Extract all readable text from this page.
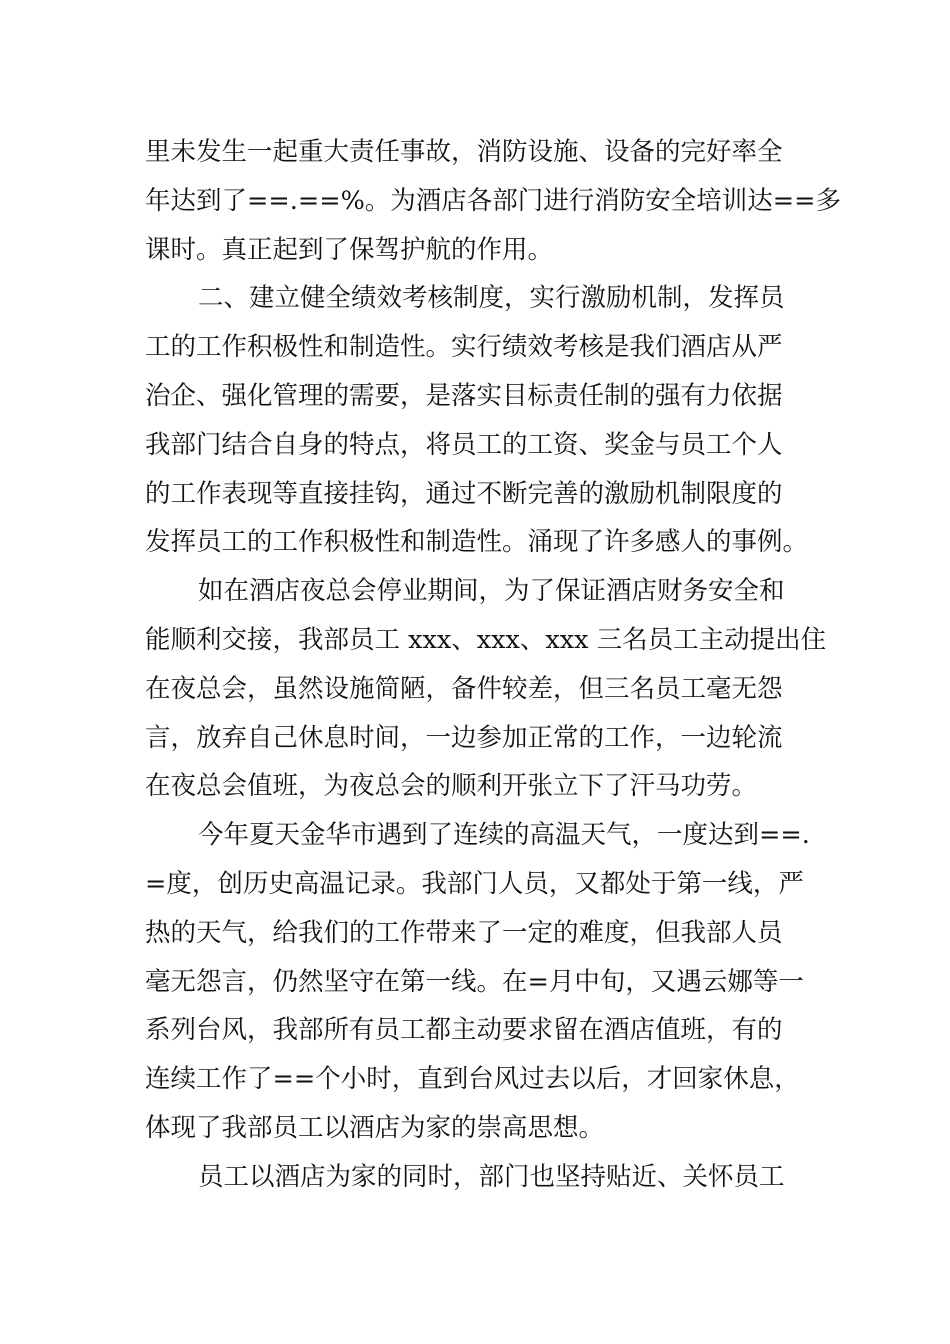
里未发生一起重大责任事故，消防设施、设备的完好率全
年达到了==.==%。为酒店各部门进行消防安全培训达==多
课时。真正起到了保驾护航的作用。
二、建立健全绩效考核制度，实行激励机制，发挥员
工的工作积极性和制造性。实行绩效考核是我们酒店从严
治企、强化管理的需要，是落实目标责任制的强有力依据
我部门结合自身的特点，将员工的工资、奖金与员工个人
的工作表现等直接挂钩，通过不断完善的激励机制限度的
发挥员工的工作积极性和制造性。涌现了许多感人的事例。
如在酒店夜总会停业期间，为了保证酒店财务安全和
能顺利交接，我部员工 xxx、xxx、xxx 三名员工主动提出住
在夜总会，虽然设施简陋，备件较差，但三名员工毫无怨
言，放弃自己休息时间，一边参加正常的工作，一边轮流
在夜总会值班，为夜总会的顺利开张立下了汗马功劳。
今年夏天金华市遇到了连续的高温天气，一度达到==.
=度，创历史高温记录。我部门人员，又都处于第一线，严
热的天气，给我们的工作带来了一定的难度，但我部人员
毫无怨言，仍然坚守在第一线。在=月中旬，又遇云娜等一
系列台风，我部所有员工都主动要求留在酒店值班，有的
连续工作了==个小时，直到台风过去以后，才回家休息，
体现了我部员工以酒店为家的崇高思想。
员工以酒店为家的同时，部门也坚持贴近、关怀员工
